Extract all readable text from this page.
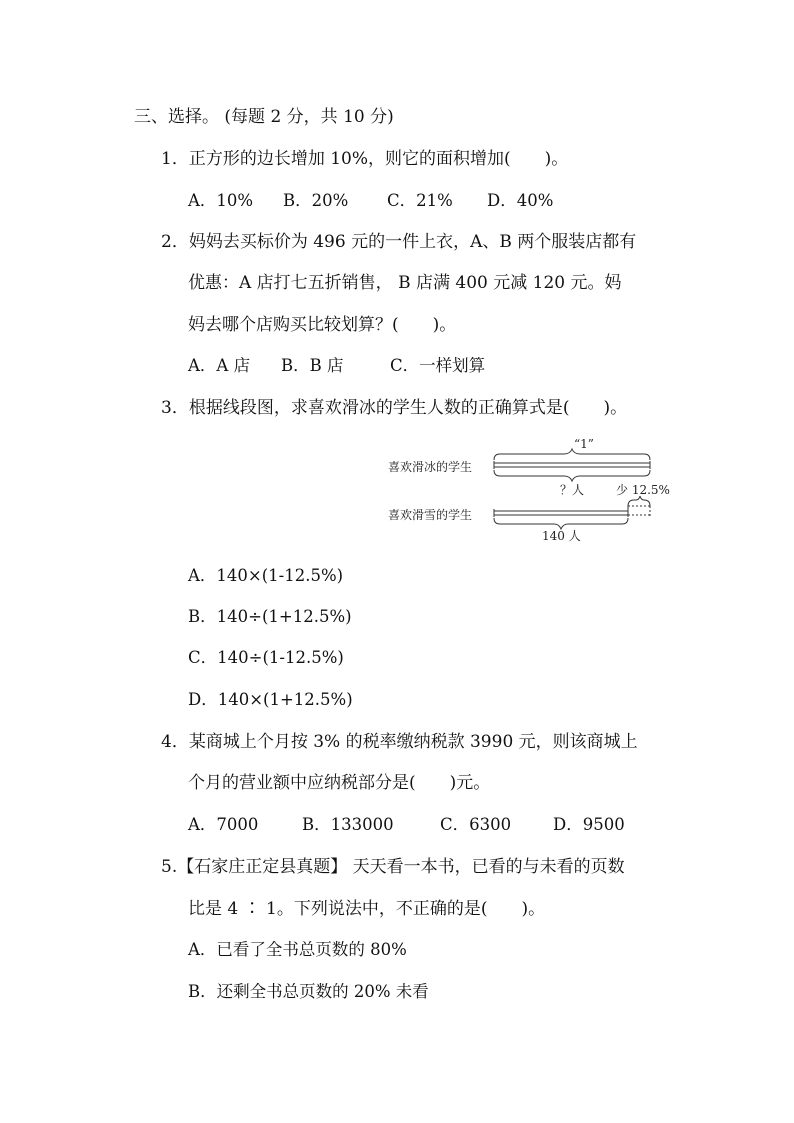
三、选择。 (每题 2 分，共 10 分)
1．正方形的边长增加 10%，则它的面积增加(　　)。
A．10% B．20% C．21% D．40%
2．妈妈去买标价为 496 元的一件上衣，A、B 两个服装店都有
优惠：A 店打七五折销售， B 店满 400 元减 120 元。妈
妈去哪个店购买比较划算？(　　)。
A．A 店 B．B 店	C．一样划算
3．根据线段图，求喜欢滑冰的学生人数的正确算式是(　　)。
“1”
喜欢滑冰的学生
？人	少 12.5%
喜欢滑雪的学生
140 人
A．140×(1-12.5%)
B．140÷(1+12.5%)
C．140÷(1-12.5%)
D．140×(1+12.5%)
4．某商城上个月按 3% 的税率缴纳税款 3990 元，则该商城上
个月的营业额中应纳税部分是(　　)元。
A．7000	B．133000	C．6300	D．9500
5.【石家庄正定县真题】 天天看一本书，已看的与未看的页数
比是 4 ∶ 1。下列说法中，不正确的是(　　)。
A．已看了全书总页数的 80%
B．还剩全书总页数的 20% 未看
